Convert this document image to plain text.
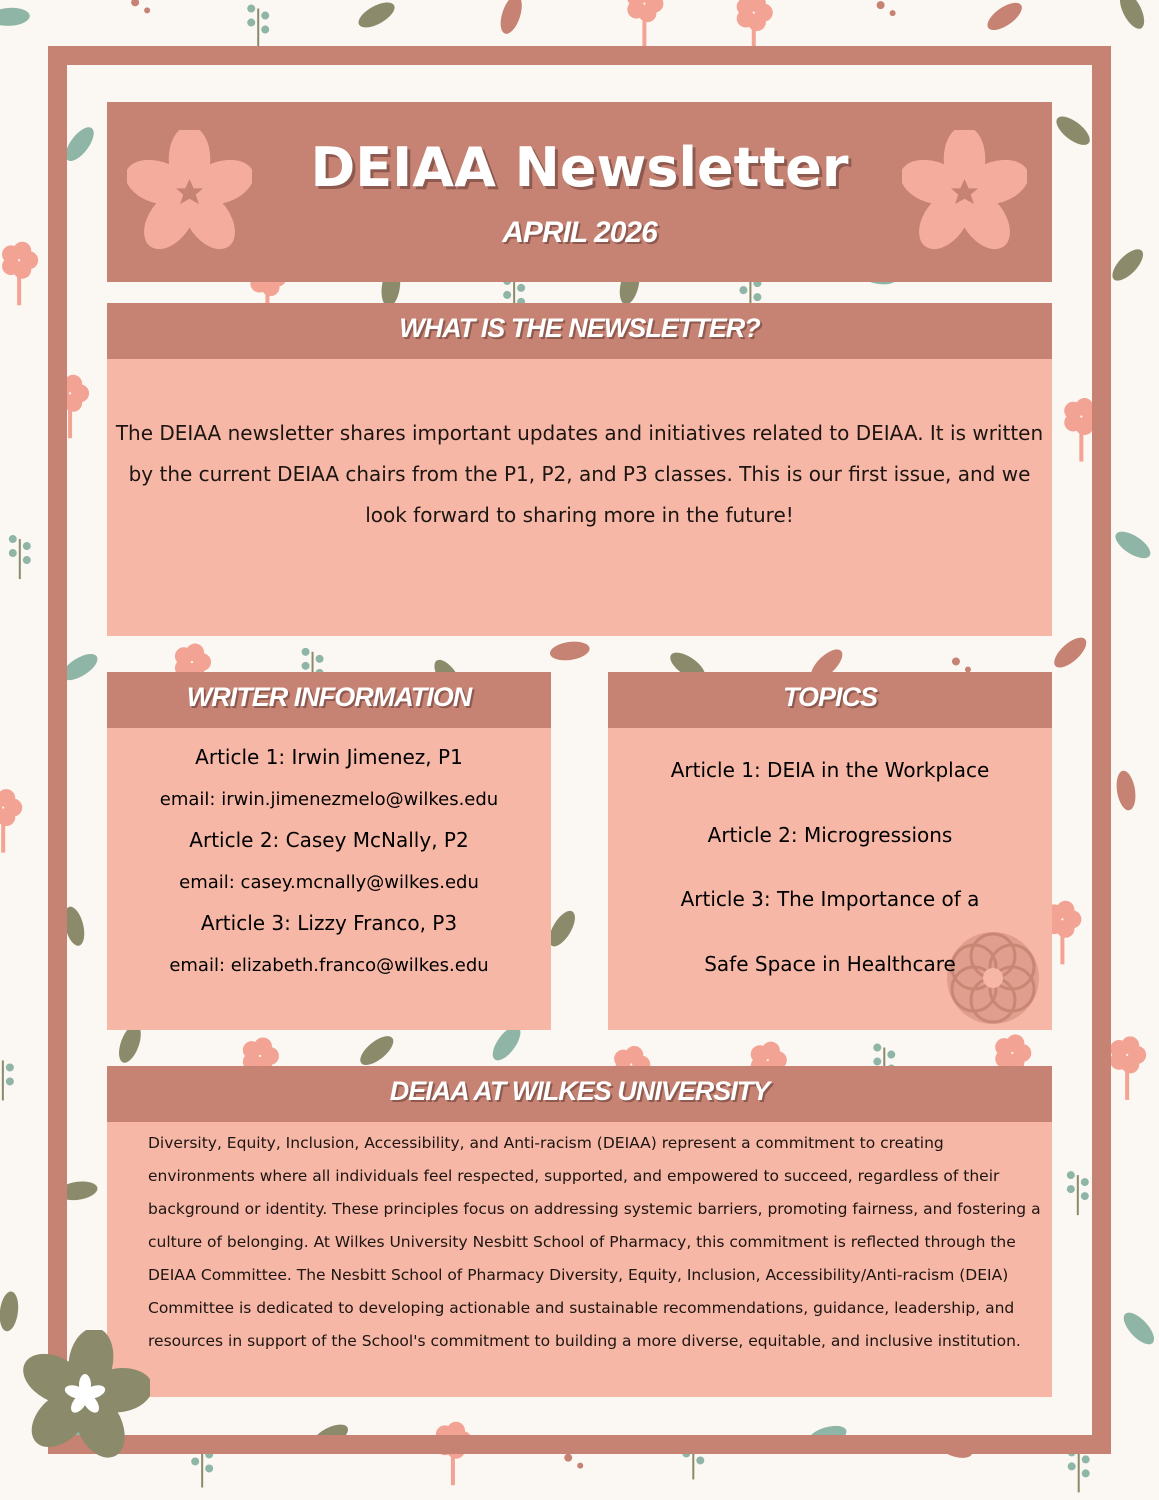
DEIAA Newsletter
APRIL 2026
WHAT IS THE NEWSLETTER?
The DEIAA newsletter shares important updates and initiatives related to DEIAA. It is written by the current DEIAA chairs from the P1, P2, and P3 classes. This is our first issue, and we look forward to sharing more in the future!
WRITER INFORMATION
Article 1: Irwin Jimenez, P1
email: irwin.jimenezmelo@wilkes.edu
Article 2: Casey McNally, P2
email: casey.mcnally@wilkes.edu
Article 3: Lizzy Franco, P3
email: elizabeth.franco@wilkes.edu
TOPICS
Article 1: DEIA in the Workplace
Article 2: Microgressions
Article 3: The Importance of a
Safe Space in Healthcare
DEIAA AT WILKES UNIVERSITY
Diversity, Equity, Inclusion, Accessibility, and Anti-racism (DEIAA) represent a commitment to creating environments where all individuals feel respected, supported, and empowered to succeed, regardless of their background or identity. These principles focus on addressing systemic barriers, promoting fairness, and fostering a culture of belonging. At Wilkes University Nesbitt School of Pharmacy, this commitment is reflected through the DEIAA Committee. The Nesbitt School of Pharmacy Diversity, Equity, Inclusion, Accessibility/Anti-racism (DEIA) Committee is dedicated to developing actionable and sustainable recommendations, guidance, leadership, and resources in support of the School's commitment to building a more diverse, equitable, and inclusive institution.
